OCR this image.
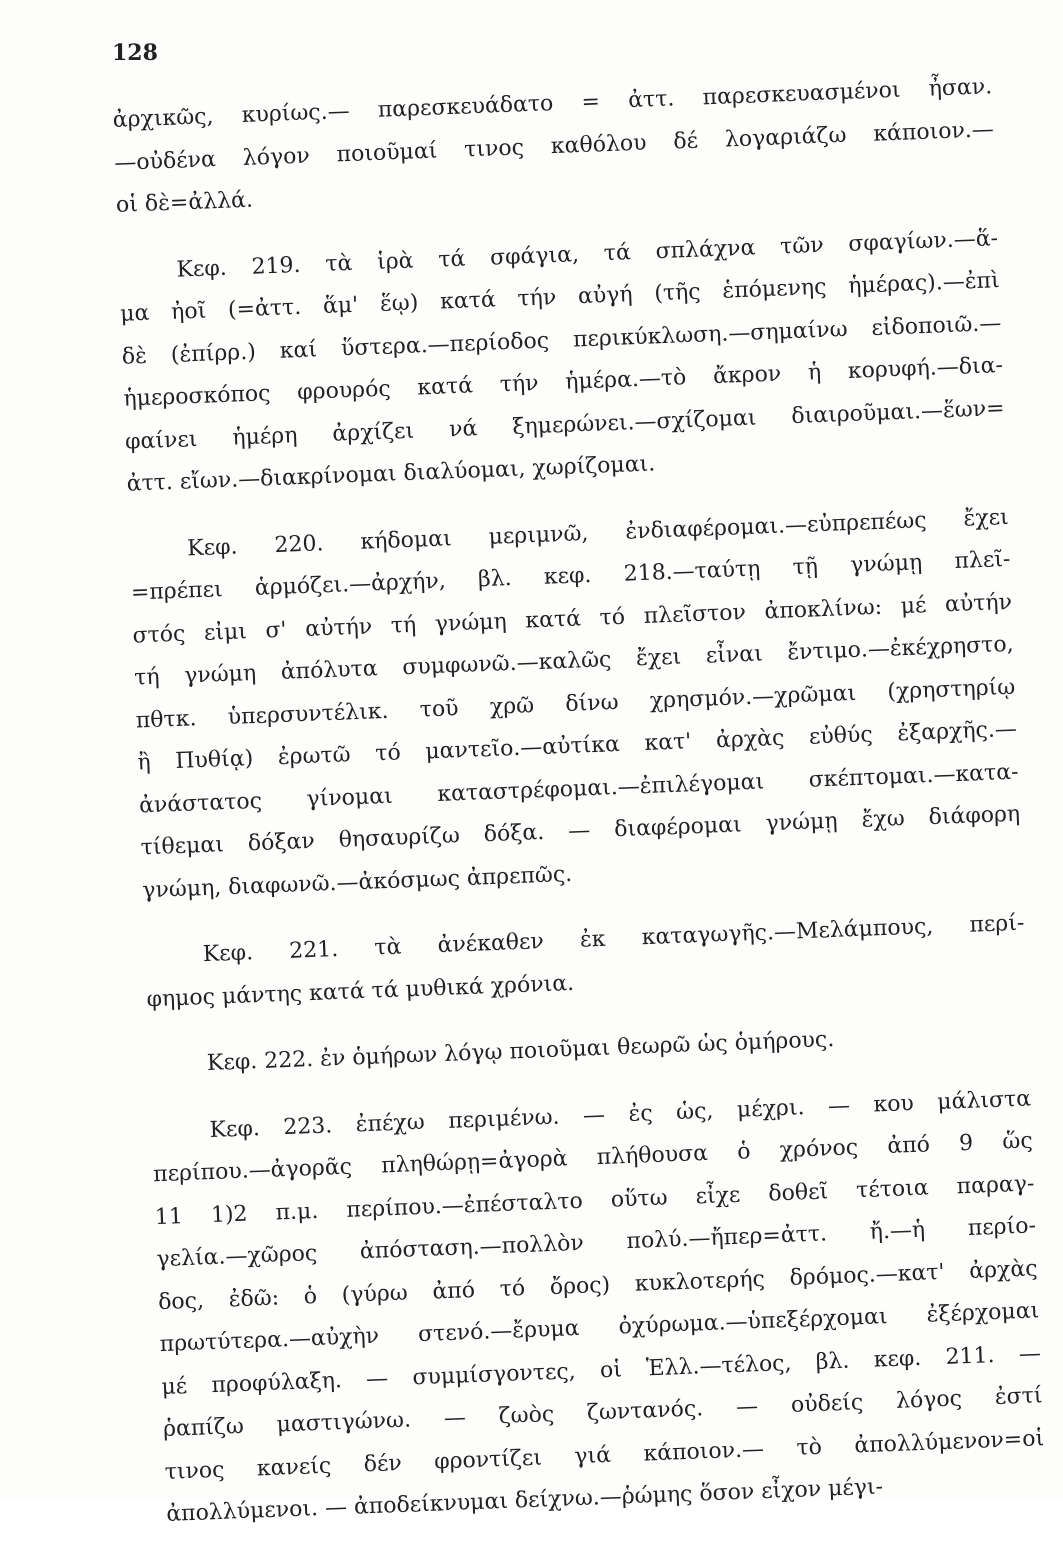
128
ἀρχικῶς, κυρίως.— παρεσκευάδατο = ἀττ. παρεσκευασμένοι ἦσαν.
—οὐδένα λόγον ποιοῦμαί τινος καθόλου δέ λογαριάζω κάποιον.—
οἱ δὲ=ἀλλά.
Κεφ. 219. τὰ ἱρὰ τά σφάγια, τά σπλάχνα τῶν σφαγίων.—ἅ-
μα ἠοῖ (=ἀττ. ἅμ' ἕῳ) κατά τήν αὐγή (τῆς ἑπόμενης ἡμέρας).—ἐπὶ
δὲ (ἐπίρρ.) καί ὕστερα.—περίοδος περικύκλωση.—σημαίνω εἰδοποιῶ.—
ἡμεροσκόπος φρουρός κατά τήν ἡμέρα.—τὸ ἄκρον ἡ κορυφή.—δια-
φαίνει ἡμέρη ἀρχίζει νά ξημερώνει.—σχίζομαι διαιροῦμαι.—ἕων=
ἀττ. εἴων.—διακρίνομαι διαλύομαι, χωρίζομαι.
Κεφ. 220. κήδομαι μεριμνῶ, ἐνδιαφέρομαι.—εὐπρεπέως ἔχει
=πρέπει ἁρμόζει.—ἀρχήν, βλ. κεφ. 218.—ταύτῃ τῇ γνώμῃ πλεῖ-
στός εἰμι σ' αὐτήν τή γνώμη κατά τό πλεῖστον ἀποκλίνω: μέ αὐτήν
τή γνώμη ἀπόλυτα συμφωνῶ.—καλῶς ἔχει εἶναι ἔντιμο.—ἐκέχρηστο,
πθτκ. ὑπερσυντέλικ. τοῦ χρῶ δίνω χρησμόν.—χρῶμαι (χρηστηρίῳ
ἢ Πυθίᾳ) ἐρωτῶ τό μαντεῖο.—αὐτίκα κατ' ἀρχὰς εὐθύς ἐξαρχῆς.—
ἀνάστατος γίνομαι καταστρέφομαι.—ἐπιλέγομαι σκέπτομαι.—κατα-
τίθεμαι δόξαν θησαυρίζω δόξα. — διαφέρομαι γνώμῃ ἔχω διάφορη
γνώμη, διαφωνῶ.—ἀκόσμως ἀπρεπῶς.
Κεφ. 221. τὰ ἀνέκαθεν ἐκ καταγωγῆς.—Μελάμπους, περί-
φημος μάντης κατά τά μυθικά χρόνια.
Κεφ. 222. ἐν ὁμήρων λόγῳ ποιοῦμαι θεωρῶ ὡς ὁμήρους.
Κεφ. 223. ἐπέχω περιμένω. — ἐς ὡς, μέχρι. — κου μάλιστα
περίπου.—ἀγορᾶς πληθώρῃ=ἀγορὰ πλήθουσα ὁ χρόνος ἀπό 9 ὥς
11 1)2 π.μ. περίπου.—ἐπέσταλτο οὕτω εἶχε δοθεῖ τέτοια παραγ-
γελία.—χῶρος ἀπόσταση.—πολλὸν πολύ.—ἤπερ=ἀττ. ἤ.—ἡ περίο-
δος, ἐδῶ: ὁ (γύρω ἀπό τό ὄρος) κυκλοτερής δρόμος.—κατ' ἀρχὰς
πρωτύτερα.—αὐχὴν στενό.—ἔρυμα ὀχύρωμα.—ὑπεξέρχομαι ἐξέρχομαι
μέ προφύλαξη. — συμμίσγοντες, οἱ Ἑλλ.—τέλος, βλ. κεφ. 211. —
ῥαπίζω μαστιγώνω. — ζωὸς ζωντανός. — οὐδείς λόγος ἐστί
τινος κανείς δέν φροντίζει γιά κάποιον.— τὸ ἀπολλύμενον=οἱ
ἀπολλύμενοι. — ἀποδείκνυμαι δείχνω.—ῥώμης ὅσον εἶχον μέγι-
